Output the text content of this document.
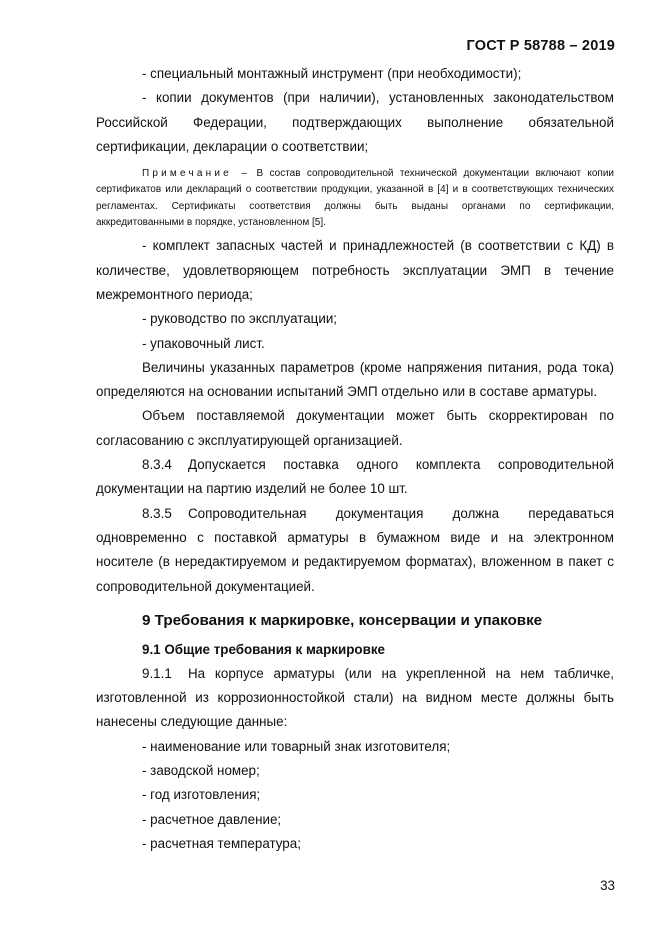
ГОСТ Р 58788 – 2019

- специальный монтажный инструмент (при необходимости);

- копии документов (при наличии), установленных законодательством Российской Федерации, подтверждающих выполнение обязательной сертификации, декларации о соответствии;

Примечание – В состав сопроводительной технической документации включают копии сертификатов или деклараций о соответствии продукции, указанной в [4] и в соответствующих технических регламентах. Сертификаты соответствия должны быть выданы органами по сертификации, аккредитованными в порядке, установленном [5].

- комплект запасных частей и принадлежностей (в соответствии с КД) в количестве, удовлетворяющем потребность эксплуатации ЭМП в течение межремонтного периода;

- руководство по эксплуатации;

- упаковочный лист.

Величины указанных параметров (кроме напряжения питания, рода тока) определяются на основании испытаний ЭМП отдельно или в составе арматуры.

Объем поставляемой документации может быть скорректирован по согласованию с эксплуатирующей организацией.

8.3.4 Допускается поставка одного комплекта сопроводительной документации на партию изделий не более 10 шт.

8.3.5 Сопроводительная документация должна передаваться одновременно с поставкой арматуры в бумажном виде и на электронном носителе (в нередактируемом и редактируемом форматах), вложенном в пакет с сопроводительной документацией.

9 Требования к маркировке, консервации и упаковке
9.1 Общие требования к маркировке

9.1.1 На корпусе арматуры (или на укрепленной на нем табличке, изготовленной из коррозионностойкой стали) на видном месте должны быть нанесены следующие данные:

- наименование или товарный знак изготовителя;

- заводской номер;

- год изготовления;

- расчетное давление;

- расчетная температура;

33
